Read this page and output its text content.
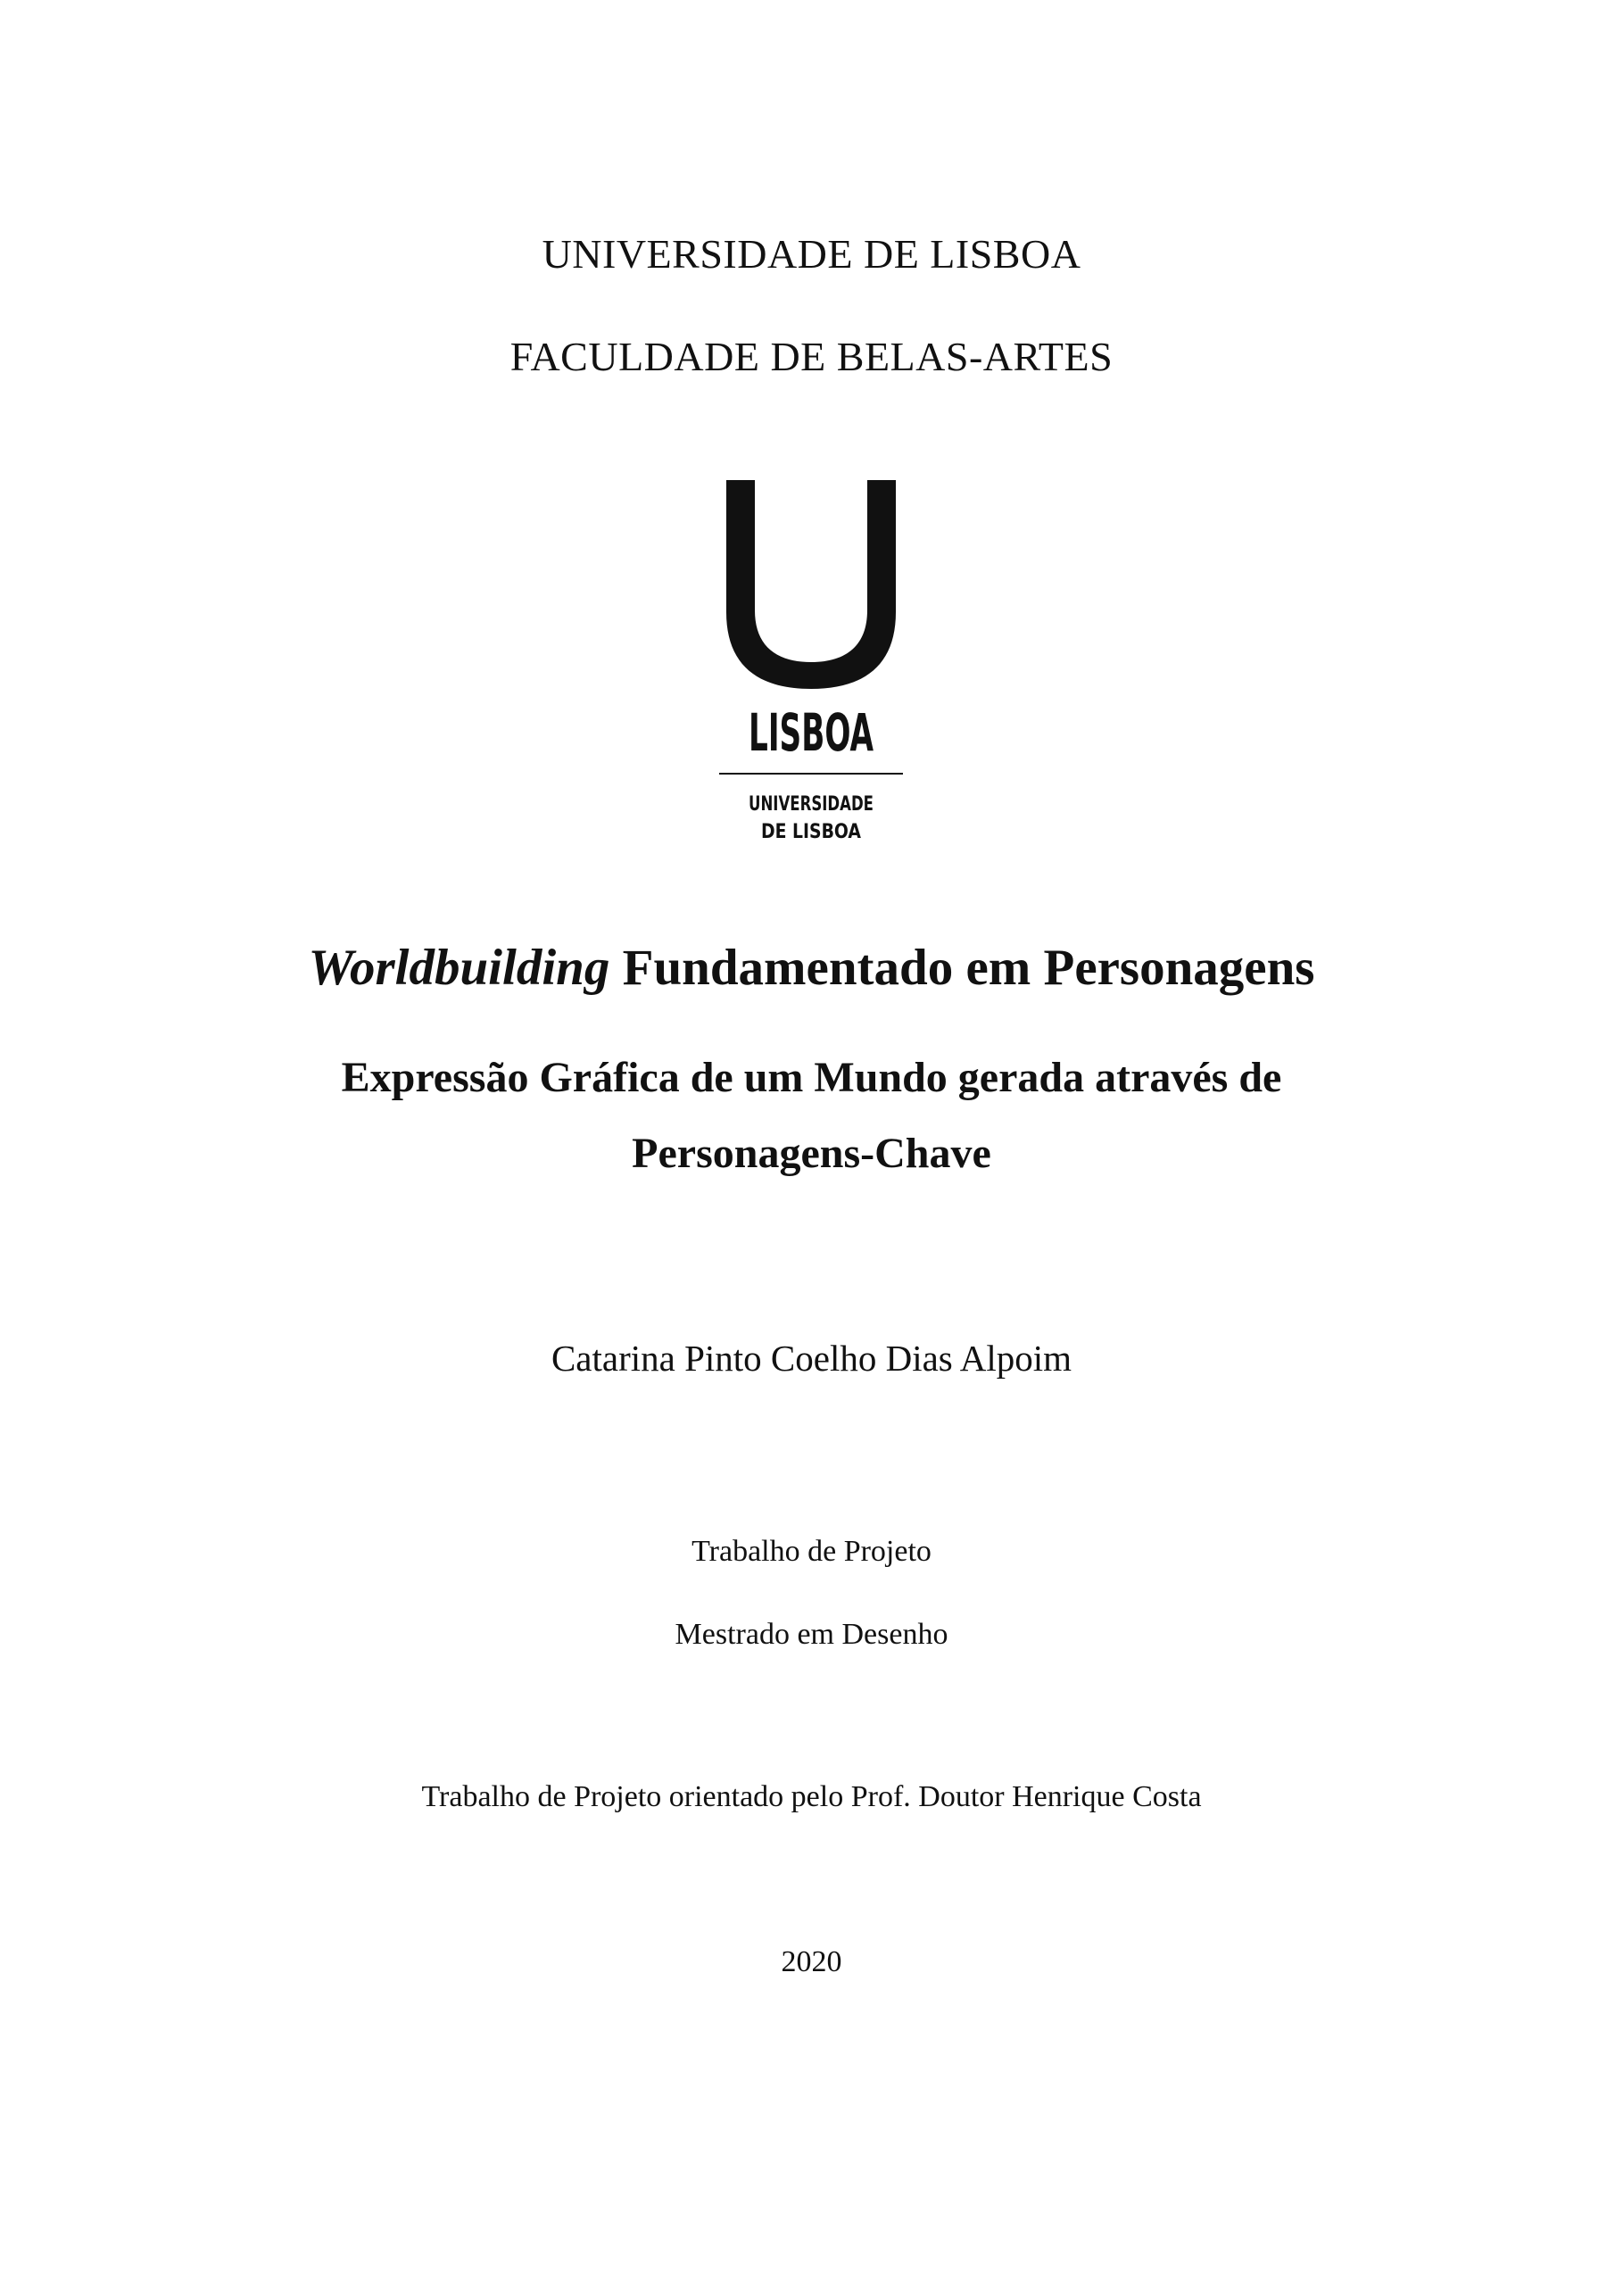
UNIVERSIDADE DE LISBOA
FACULDADE DE BELAS-ARTES
LISBOA
UNIVERSIDADE
DE LISBOA
Worldbuilding Fundamentado em Personagens
Expressão Gráfica de um Mundo gerada através de
Personagens-Chave
Catarina Pinto Coelho Dias Alpoim
Trabalho de Projeto
Mestrado em Desenho
Trabalho de Projeto orientado pelo Prof. Doutor Henrique Costa
2020
